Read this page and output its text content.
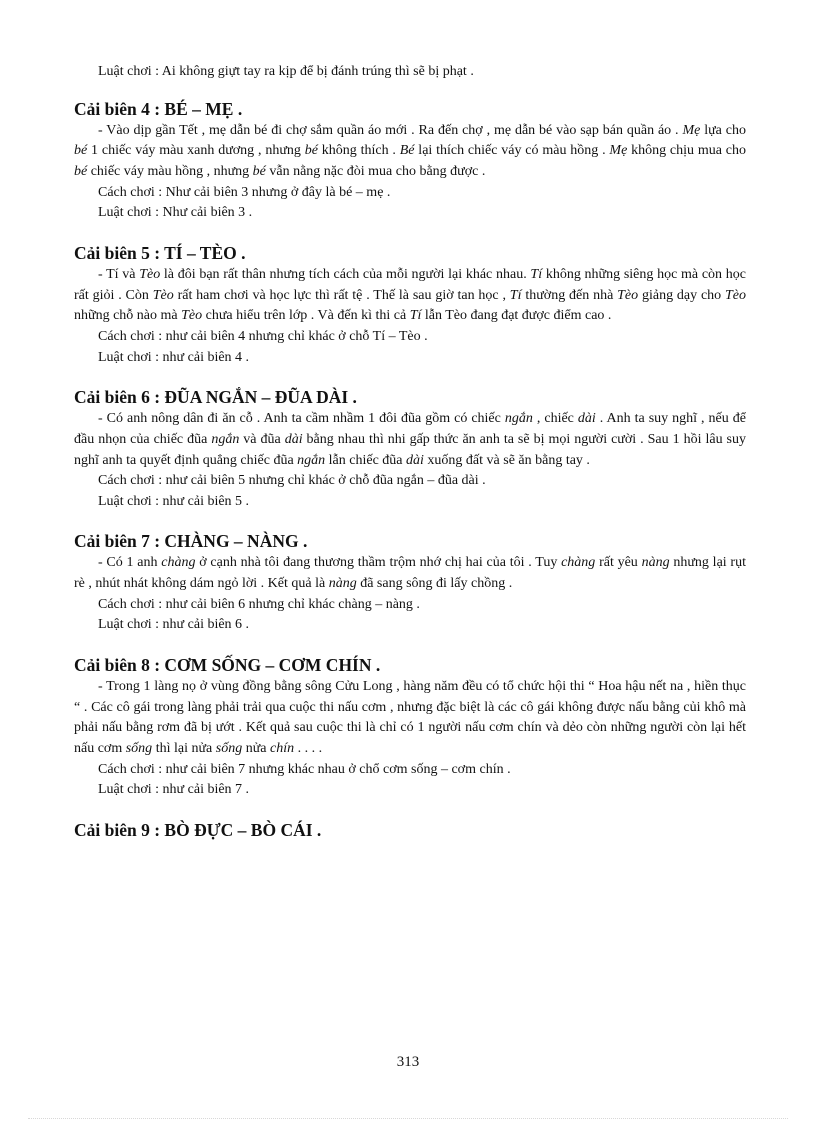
Luật chơi : Ai không giựt tay ra kịp để bị đánh trúng thì sẽ bị phạt .

Cải biên 4 : BÉ – MẸ .

- Vào dịp gần Tết , mẹ dẫn bé đi chợ sắm quần áo mới . Ra đến chợ , mẹ dẫn bé vào sạp bán quần áo . Mẹ lựa cho bé 1 chiếc váy màu xanh dương , nhưng bé không thích . Bé lại thích chiếc váy có màu hồng . Mẹ không chịu mua cho bé chiếc váy màu hồng , nhưng bé vẫn nằng nặc đòi mua cho bằng được .

Cách chơi : Như cải biên 3 nhưng ở đây là bé – mẹ .

Luật chơi : Như cải biên 3 .

Cải biên 5 : TÍ – TÈO .

- Tí và Tèo là đôi bạn rất thân nhưng tích cách của mỗi người lại khác nhau. Tí không những siêng học mà còn học rất giỏi . Còn Tèo rất ham chơi và học lực thì rất tệ . Thế là sau giờ tan học , Tí thường đến nhà Tèo giảng dạy cho Tèo những chỗ nào mà Tèo chưa hiểu trên lớp . Và đến kì thi cả Tí lẫn Tèo đang đạt được điểm cao .

Cách chơi : như cải biên 4 nhưng chỉ khác ở chỗ Tí – Tèo .

Luật chơi : như cải biên 4 .

Cải biên 6 : ĐŨA NGẮN – ĐŨA DÀI .

- Có anh nông dân đi ăn cỗ . Anh ta cầm nhầm 1 đôi đũa gồm có chiếc ngắn , chiếc dài . Anh ta suy nghĩ , nếu để đầu nhọn của chiếc đũa ngắn và đũa dài bằng nhau thì nhi gấp thức ăn anh ta sẽ bị mọi người cười . Sau 1 hồi lâu suy nghĩ anh ta quyết định quẳng chiếc đũa ngắn lẫn chiếc đũa dài xuống đất và sẽ ăn bằng tay .

Cách chơi : như cải biên 5 nhưng chỉ khác ở chỗ đũa ngắn – đũa dài .

Luật chơi : như cải biên 5 .

Cải biên 7 : CHÀNG – NÀNG .

- Có 1 anh chàng ở cạnh nhà tôi đang thương thầm trộm nhớ chị hai của tôi . Tuy chàng rất yêu nàng nhưng lại rụt rè , nhút nhát không dám ngỏ lời . Kết quả là nàng đã sang sông đi lấy chồng .

Cách chơi : như cải biên 6 nhưng chỉ khác chàng – nàng .

Luật chơi : như cải biên 6 .

Cải biên 8 : CƠM SỐNG – CƠM CHÍN .

- Trong 1 làng nọ ở vùng đồng bằng sông Cửu Long , hàng năm đều có tổ chức hội thi “ Hoa hậu nết na , hiền thục “ . Các cô gái trong làng phải trải qua cuộc thi nấu cơm , nhưng đặc biệt là các cô gái không được nấu bằng củi khô mà phải nấu bằng rơm đã bị ướt . Kết quả sau cuộc thi là chỉ có 1 người nấu cơm chín và dẻo còn những người còn lại hết nấu cơm sống thì lại nửa sống nửa chín . . . .

Cách chơi : như cải biên 7 nhưng khác nhau ở chổ cơm sống – cơm chín .

Luật chơi : như cải biên 7 .

Cải biên 9 : BÒ ĐỰC – BÒ CÁI .

313
